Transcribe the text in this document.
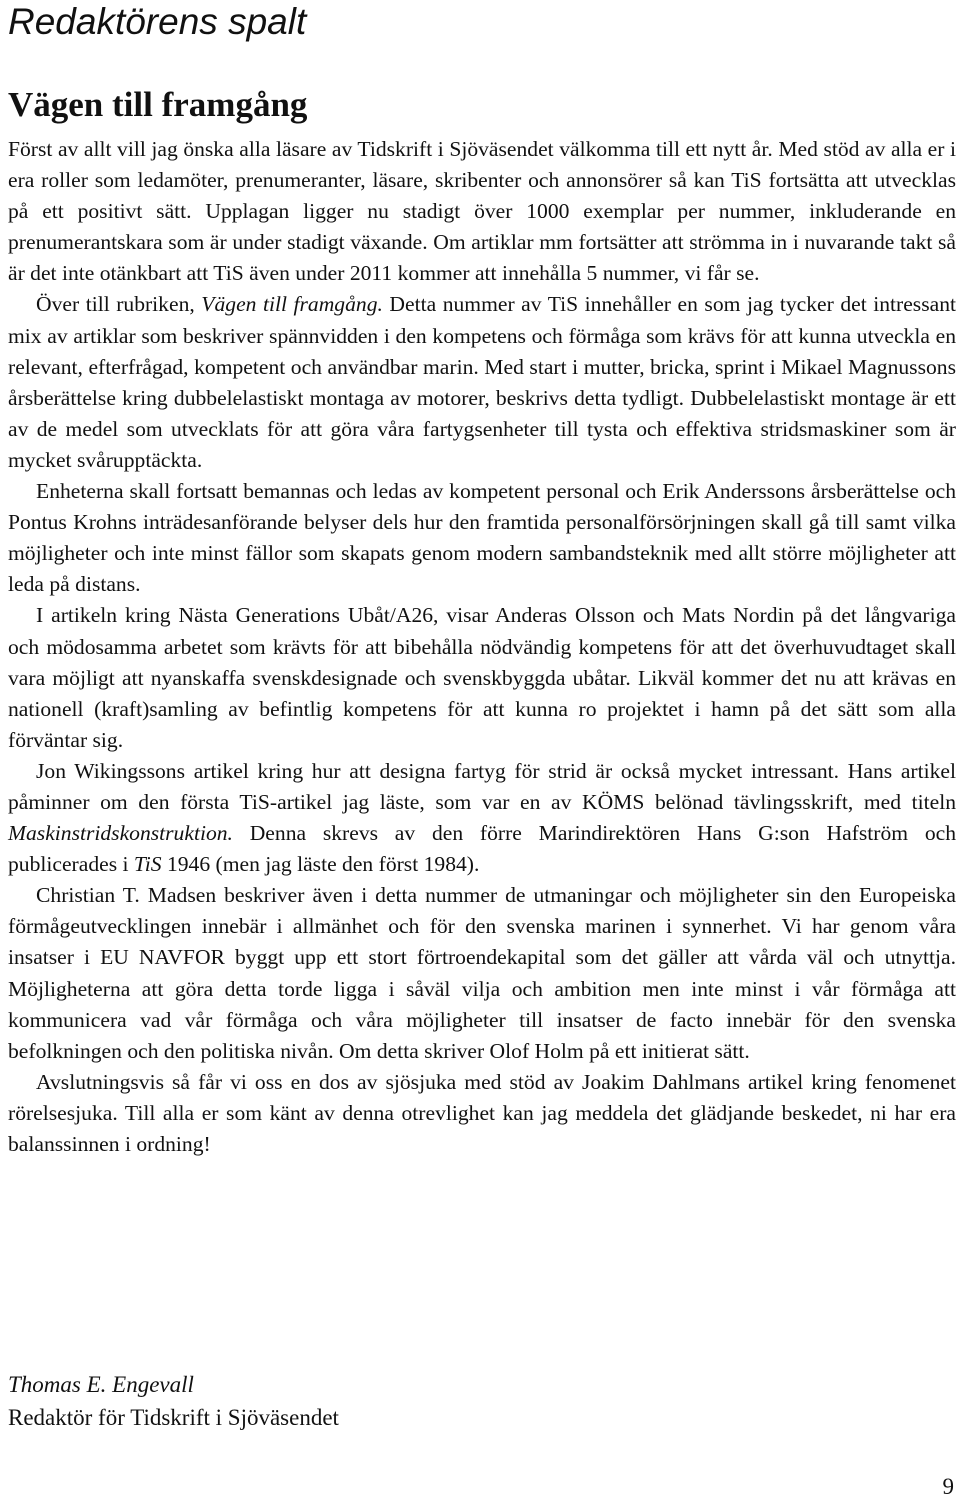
Redaktörens spalt
Vägen till framgång

Först av allt vill jag önska alla läsare av Tidskrift i Sjöväsendet välkomma till ett nytt år. Med stöd av alla er i era roller som ledamöter, prenumeranter, läsare, skribenter och annonsörer så kan TiS fortsätta att utvecklas på ett positivt sätt. Upplagan ligger nu stadigt över 1000 exemplar per nummer, inkluderande en prenumerantskara som är under stadigt växande. Om artiklar mm fortsätter att strömma in i nuvarande takt så är det inte otänkbart att TiS även under 2011 kommer att innehålla 5 nummer, vi får se.

Över till rubriken, Vägen till framgång. Detta nummer av TiS innehåller en som jag tycker det intressant mix av artiklar som beskriver spännvidden i den kompetens och förmåga som krävs för att kunna utveckla en relevant, efterfrågad, kompetent och användbar marin. Med start i mutter, bricka, sprint i Mikael Magnussons årsberättelse kring dubbelelastiskt montaga av motorer, beskrivs detta tydligt. Dubbelelastiskt montage är ett av de medel som utvecklats för att göra våra fartygsenheter till tysta och effektiva stridsmaskiner som är mycket svårupptäckta.

Enheterna skall fortsatt bemannas och ledas av kompetent personal och Erik Anderssons årsberättelse och Pontus Krohns inträdesanförande belyser dels hur den framtida personalförsörjningen skall gå till samt vilka möjligheter och inte minst fällor som skapats genom modern sambandsteknik med allt större möjligheter att leda på distans.

I artikeln kring Nästa Generations Ubåt/A26, visar Anderas Olsson och Mats Nordin på det långvariga och mödosamma arbetet som krävts för att bibehålla nödvändig kompetens för att det överhuvudtaget skall vara möjligt att nyanskaffa svenskdesignade och svenskbyggda ubåtar. Likväl kommer det nu att krävas en nationell (kraft)samling av befintlig kompetens för att kunna ro projektet i hamn på det sätt som alla förväntar sig.

Jon Wikingssons artikel kring hur att designa fartyg för strid är också mycket intressant. Hans artikel påminner om den första TiS-artikel jag läste, som var en av KÖMS belönad tävlingsskrift, med titeln Maskinstridskonstruktion. Denna skrevs av den förre Marindirektören Hans G:son Hafström och publicerades i TiS 1946 (men jag läste den först 1984).

Christian T. Madsen beskriver även i detta nummer de utmaningar och möjligheter sin den Europeiska förmågeutvecklingen innebär i allmänhet och för den svenska marinen i synnerhet. Vi har genom våra insatser i EU NAVFOR byggt upp ett stort förtroendekapital som det gäller att vårda väl och utnyttja. Möjligheterna att göra detta torde ligga i såväl vilja och ambition men inte minst i vår förmåga att kommunicera vad vår förmåga och våra möjligheter till insatser de facto innebär för den svenska befolkningen och den politiska nivån. Om detta skriver Olof Holm på ett initierat sätt.

Avslutningsvis så får vi oss en dos av sjösjuka med stöd av Joakim Dahlmans artikel kring fenomenet rörelsesjuka. Till alla er som känt av denna otrevlighet kan jag meddela det glädjande beskedet, ni har era balanssinnen i ordning!

Thomas E. Engevall
Redaktör för Tidskrift i Sjöväsendet
9
